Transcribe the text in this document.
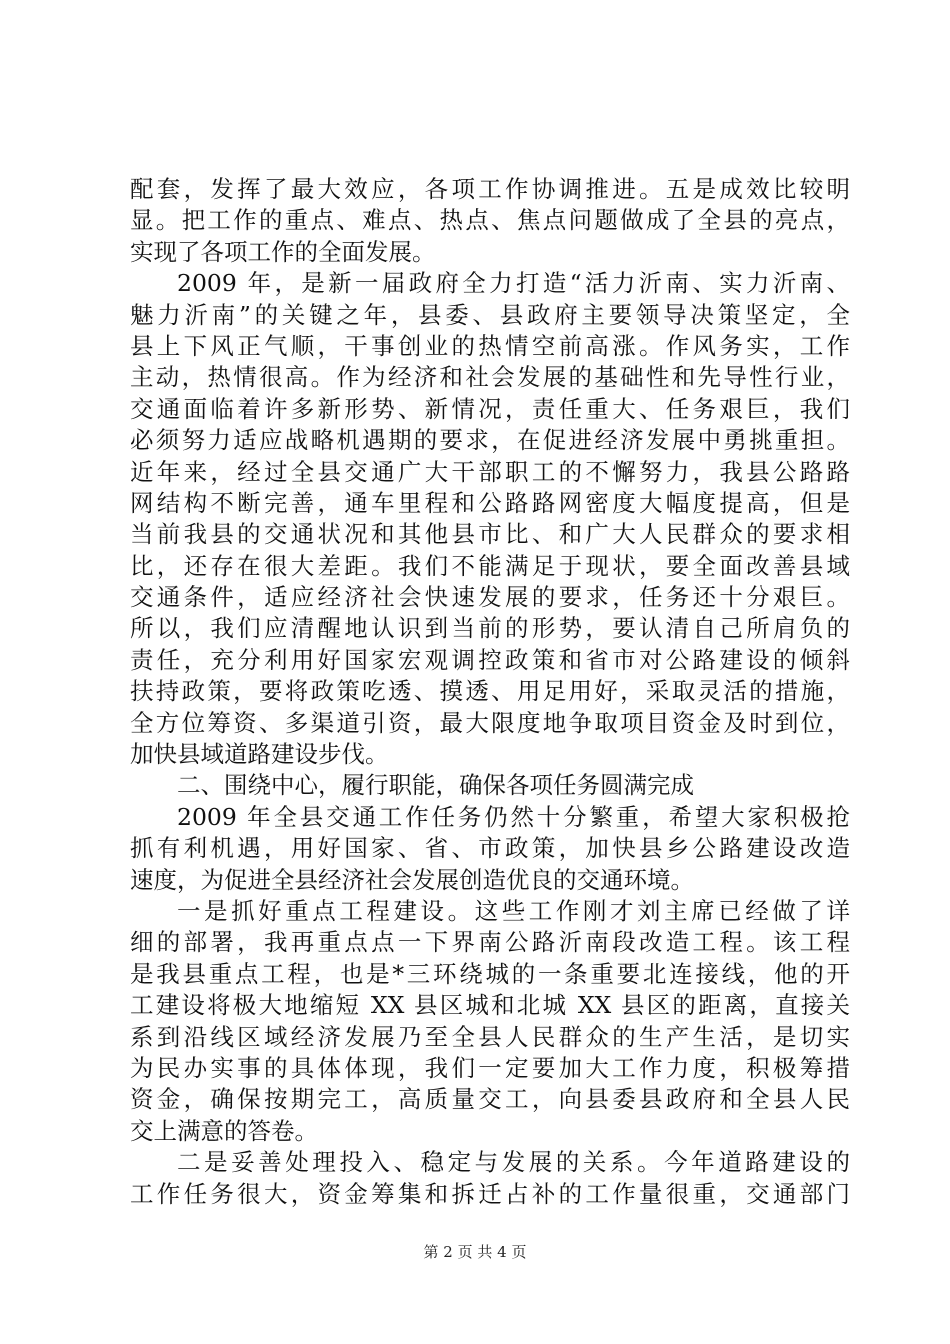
配套，发挥了最大效应，各项工作协调推进。五是成效比较明
显。把工作的重点、难点、热点、焦点问题做成了全县的亮点，
实现了各项工作的全面发展。
2009 年，是新一届政府全力打造“活力沂南、实力沂南、
魅力沂南”的关键之年，县委、县政府主要领导决策坚定，全
县上下风正气顺，干事创业的热情空前高涨。作风务实，工作
主动，热情很高。作为经济和社会发展的基础性和先导性行业，
交通面临着许多新形势、新情况，责任重大、任务艰巨，我们
必须努力适应战略机遇期的要求，在促进经济发展中勇挑重担。
近年来，经过全县交通广大干部职工的不懈努力，我县公路路
网结构不断完善，通车里程和公路路网密度大幅度提高，但是
当前我县的交通状况和其他县市比、和广大人民群众的要求相
比，还存在很大差距。我们不能满足于现状，要全面改善县域
交通条件，适应经济社会快速发展的要求，任务还十分艰巨。
所以，我们应清醒地认识到当前的形势，要认清自己所肩负的
责任，充分利用好国家宏观调控政策和省市对公路建设的倾斜
扶持政策，要将政策吃透、摸透、用足用好，采取灵活的措施，
全方位筹资、多渠道引资，最大限度地争取项目资金及时到位，
加快县域道路建设步伐。
二、围绕中心，履行职能，确保各项任务圆满完成
2009 年全县交通工作任务仍然十分繁重，希望大家积极抢
抓有利机遇，用好国家、省、市政策，加快县乡公路建设改造
速度，为促进全县经济社会发展创造优良的交通环境。
一是抓好重点工程建设。这些工作刚才刘主席已经做了详
细的部署，我再重点点一下界南公路沂南段改造工程。该工程
是我县重点工程，也是*三环绕城的一条重要北连接线，他的开
工建设将极大地缩短 XX 县区城和北城 XX 县区的距离，直接关
系到沿线区域经济发展乃至全县人民群众的生产生活，是切实
为民办实事的具体体现，我们一定要加大工作力度，积极筹措
资金，确保按期完工，高质量交工，向县委县政府和全县人民
交上满意的答卷。
二是妥善处理投入、稳定与发展的关系。今年道路建设的
工作任务很大，资金筹集和拆迁占补的工作量很重，交通部门
第 2 页 共 4 页
